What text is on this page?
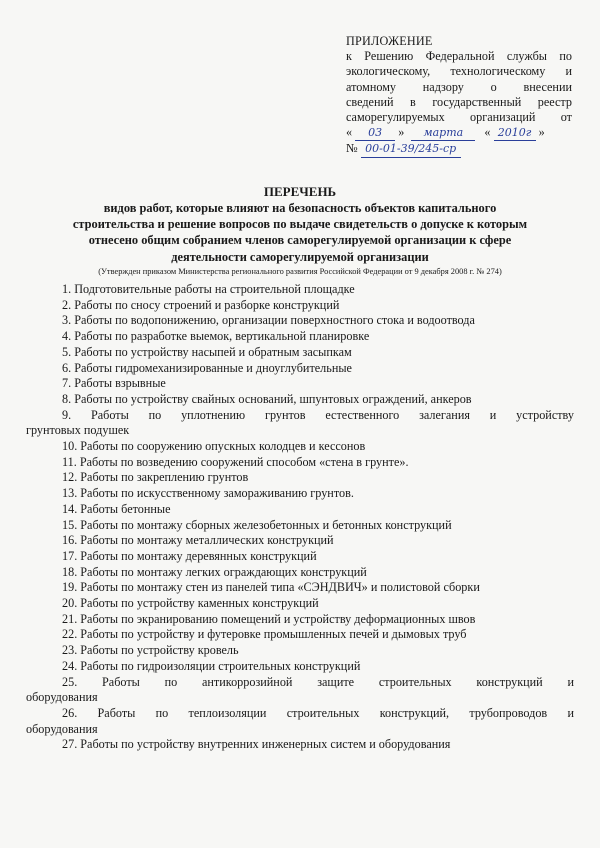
ПРИЛОЖЕНИЕ
к Решению Федеральной службы по
экологическому, технологическому и
атомному надзору о внесении
сведений в государственный реестр
саморегулируемых организаций от
« 03 » марта « 2010г »
№ 00-01-39/245-ср
ПЕРЕЧЕНЬ
видов работ, которые влияют на безопасность объектов капитального
строительства и решение вопросов по выдаче свидетельств о допуске к которым
отнесено общим собранием членов саморегулируемой организации к сфере
деятельности саморегулируемой организации
(Утвержден приказом Министерства регионального развития Российской Федерации от 9 декабря 2008 г. № 274)
1. Подготовительные работы на строительной площадке
2. Работы по сносу строений и разборке конструкций
3. Работы по водопонижению, организации поверхностного стока и водоотвода
4. Работы по разработке выемок, вертикальной планировке
5. Работы по устройству насыпей и обратным засыпкам
6. Работы гидромеханизированные и дноуглубительные
7. Работы взрывные
8. Работы по устройству свайных оснований, шпунтовых ограждений, анкеров
9. Работы по уплотнению грунтов естественного залегания и устройству
грунтовых подушек
10. Работы по сооружению опускных колодцев и кессонов
11. Работы по возведению сооружений способом «стена в грунте».
12. Работы по закреплению грунтов
13. Работы по искусственному замораживанию грунтов.
14. Работы бетонные
15. Работы по монтажу сборных железобетонных и бетонных конструкций
16. Работы по монтажу металлических конструкций
17. Работы по монтажу деревянных конструкций
18. Работы по монтажу легких ограждающих конструкций
19. Работы по монтажу стен из панелей типа «СЭНДВИЧ» и полистовой сборки
20. Работы по устройству каменных конструкций
21. Работы по экранированию помещений и устройству деформационных швов
22. Работы по устройству и футеровке промышленных печей и дымовых труб
23. Работы по устройству кровель
24. Работы по гидроизоляции строительных конструкций
25. Работы по антикоррозийной защите строительных конструкций и
оборудования
26. Работы по теплоизоляции строительных конструкций, трубопроводов и
оборудования
27. Работы по устройству внутренних инженерных систем и оборудования
